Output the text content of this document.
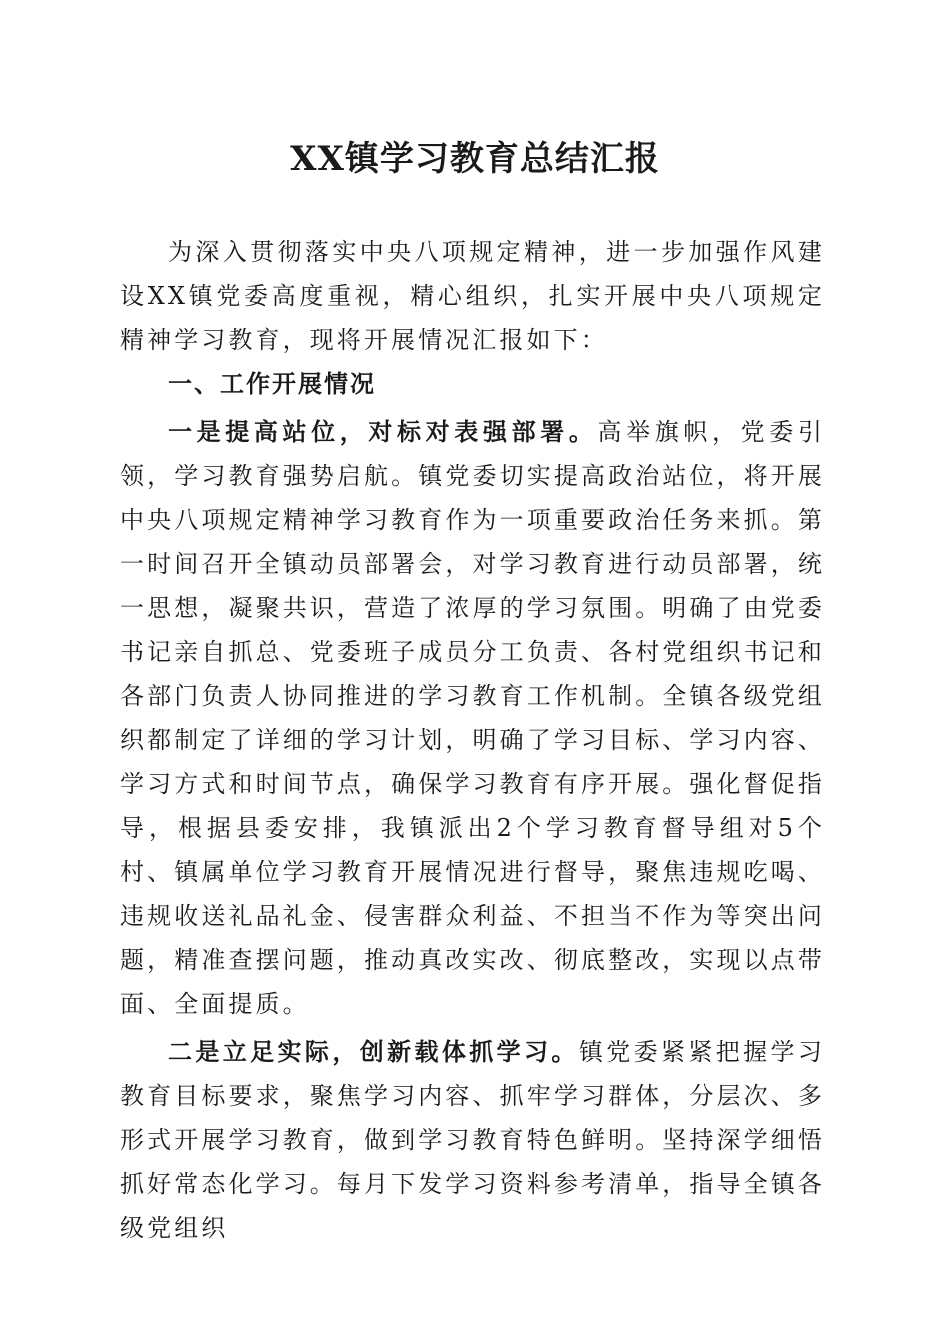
XX镇学习教育总结汇报

为深入贯彻落实中央八项规定精神，进一步加强作风建设XX镇党委高度重视，精心组织，扎实开展中央八项规定精神学习教育，现将开展情况汇报如下：

一、工作开展情况

一是提高站位，对标对表强部署。高举旗帜，党委引领，学习教育强势启航。镇党委切实提高政治站位，将开展中央八项规定精神学习教育作为一项重要政治任务来抓。第一时间召开全镇动员部署会，对学习教育进行动员部署，统一思想，凝聚共识，营造了浓厚的学习氛围。明确了由党委书记亲自抓总、党委班子成员分工负责、各村党组织书记和各部门负责人协同推进的学习教育工作机制。全镇各级党组织都制定了详细的学习计划，明确了学习目标、学习内容、学习方式和时间节点，确保学习教育有序开展。强化督促指导，根据县委安排，我镇派出2个学习教育督导组对5个村、镇属单位学习教育开展情况进行督导，聚焦违规吃喝、违规收送礼品礼金、侵害群众利益、不担当不作为等突出问题，精准查摆问题，推动真改实改、彻底整改，实现以点带面、全面提质。

二是立足实际，创新载体抓学习。镇党委紧紧把握学习教育目标要求，聚焦学习内容、抓牢学习群体，分层次、多形式开展学习教育，做到学习教育特色鲜明。坚持深学细悟抓好常态化学习。每月下发学习资料参考清单，指导全镇各级党组织
